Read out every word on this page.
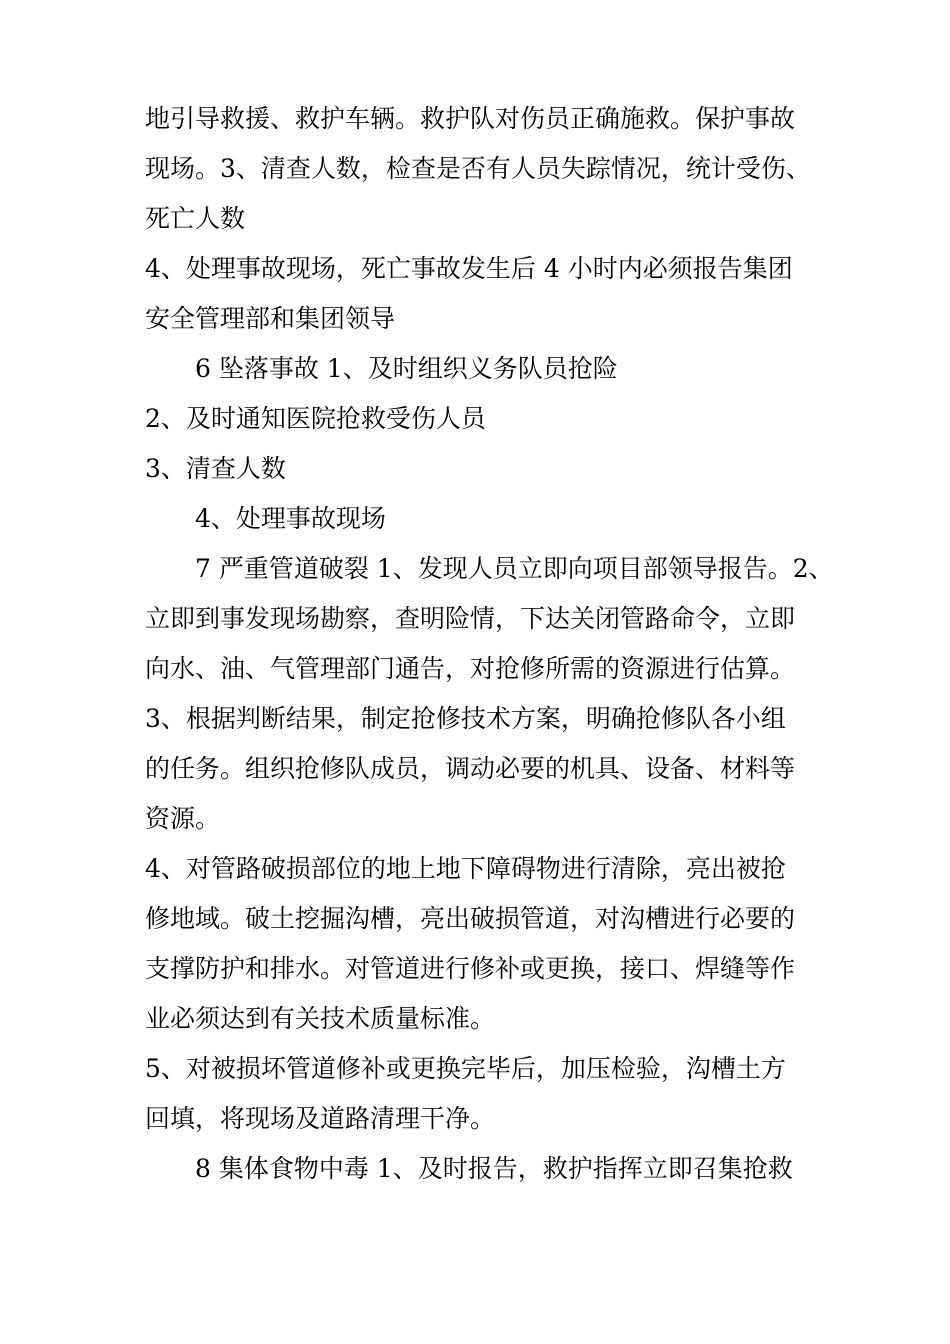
地引导救援、救护车辆。救护队对伤员正确施救。保护事故
现场。3、清查人数，检查是否有人员失踪情况，统计受伤、
死亡人数
4、处理事故现场，死亡事故发生后 4 小时内必须报告集团
安全管理部和集团领导
6 坠落事故 1、及时组织义务队员抢险
2、及时通知医院抢救受伤人员
3、清查人数
4、处理事故现场
7 严重管道破裂 1、发现人员立即向项目部领导报告。2、
立即到事发现场勘察，查明险情，下达关闭管路命令，立即
向水、油、气管理部门通告，对抢修所需的资源进行估算。
3、根据判断结果，制定抢修技术方案，明确抢修队各小组
的任务。组织抢修队成员，调动必要的机具、设备、材料等
资源。
4、对管路破损部位的地上地下障碍物进行清除，亮出被抢
修地域。破土挖掘沟槽，亮出破损管道，对沟槽进行必要的
支撑防护和排水。对管道进行修补或更换，接口、焊缝等作
业必须达到有关技术质量标准。
5、对被损坏管道修补或更换完毕后，加压检验，沟槽土方
回填，将现场及道路清理干净。
8 集体食物中毒 1、及时报告，救护指挥立即召集抢救
